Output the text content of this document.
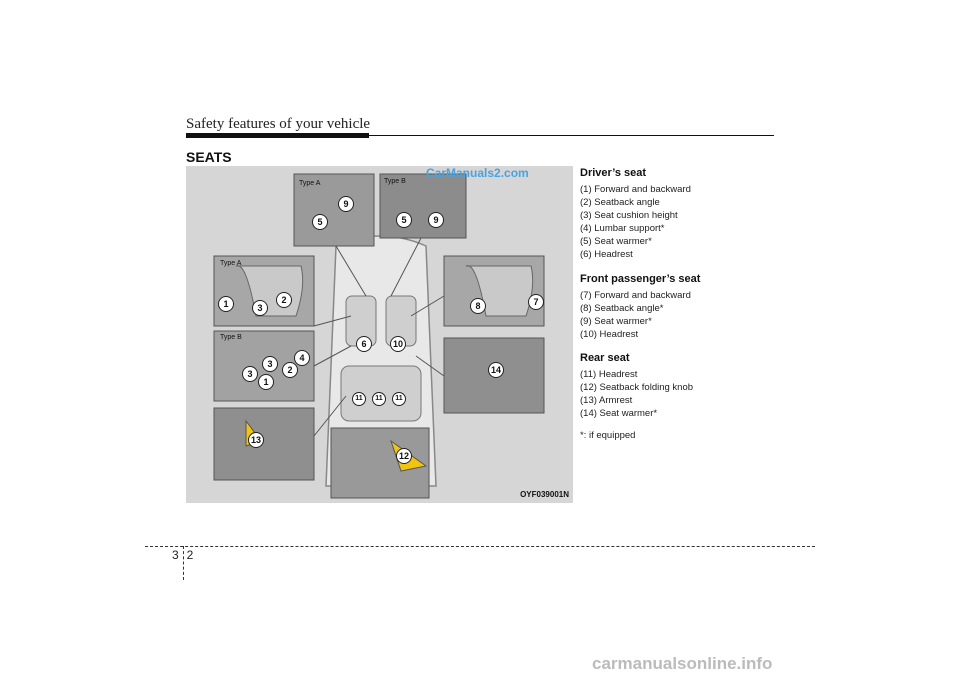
Safety features of your vehicle
SEATS
CarManuals2.com
Type A	Type B
Type A
Type B
5
9
5	9
1	2
3
3
3
2
4
1
6	10
8	7
14
11	11	11
12
13
OYF039001N
Driver’s seat
(1) Forward and backward
(2) Seatback angle
(3) Seat cushion height
(4) Lumbar support*
(5) Seat warmer*
(6) Headrest
Front passenger’s seat
(7) Forward and backward
(8) Seatback angle*
(9) Seat warmer*
(10) Headrest
Rear seat
(11) Headrest
(12) Seatback folding knob
(13) Armrest
(14) Seat warmer*
*: if equipped
32
carmanualsonline.info
